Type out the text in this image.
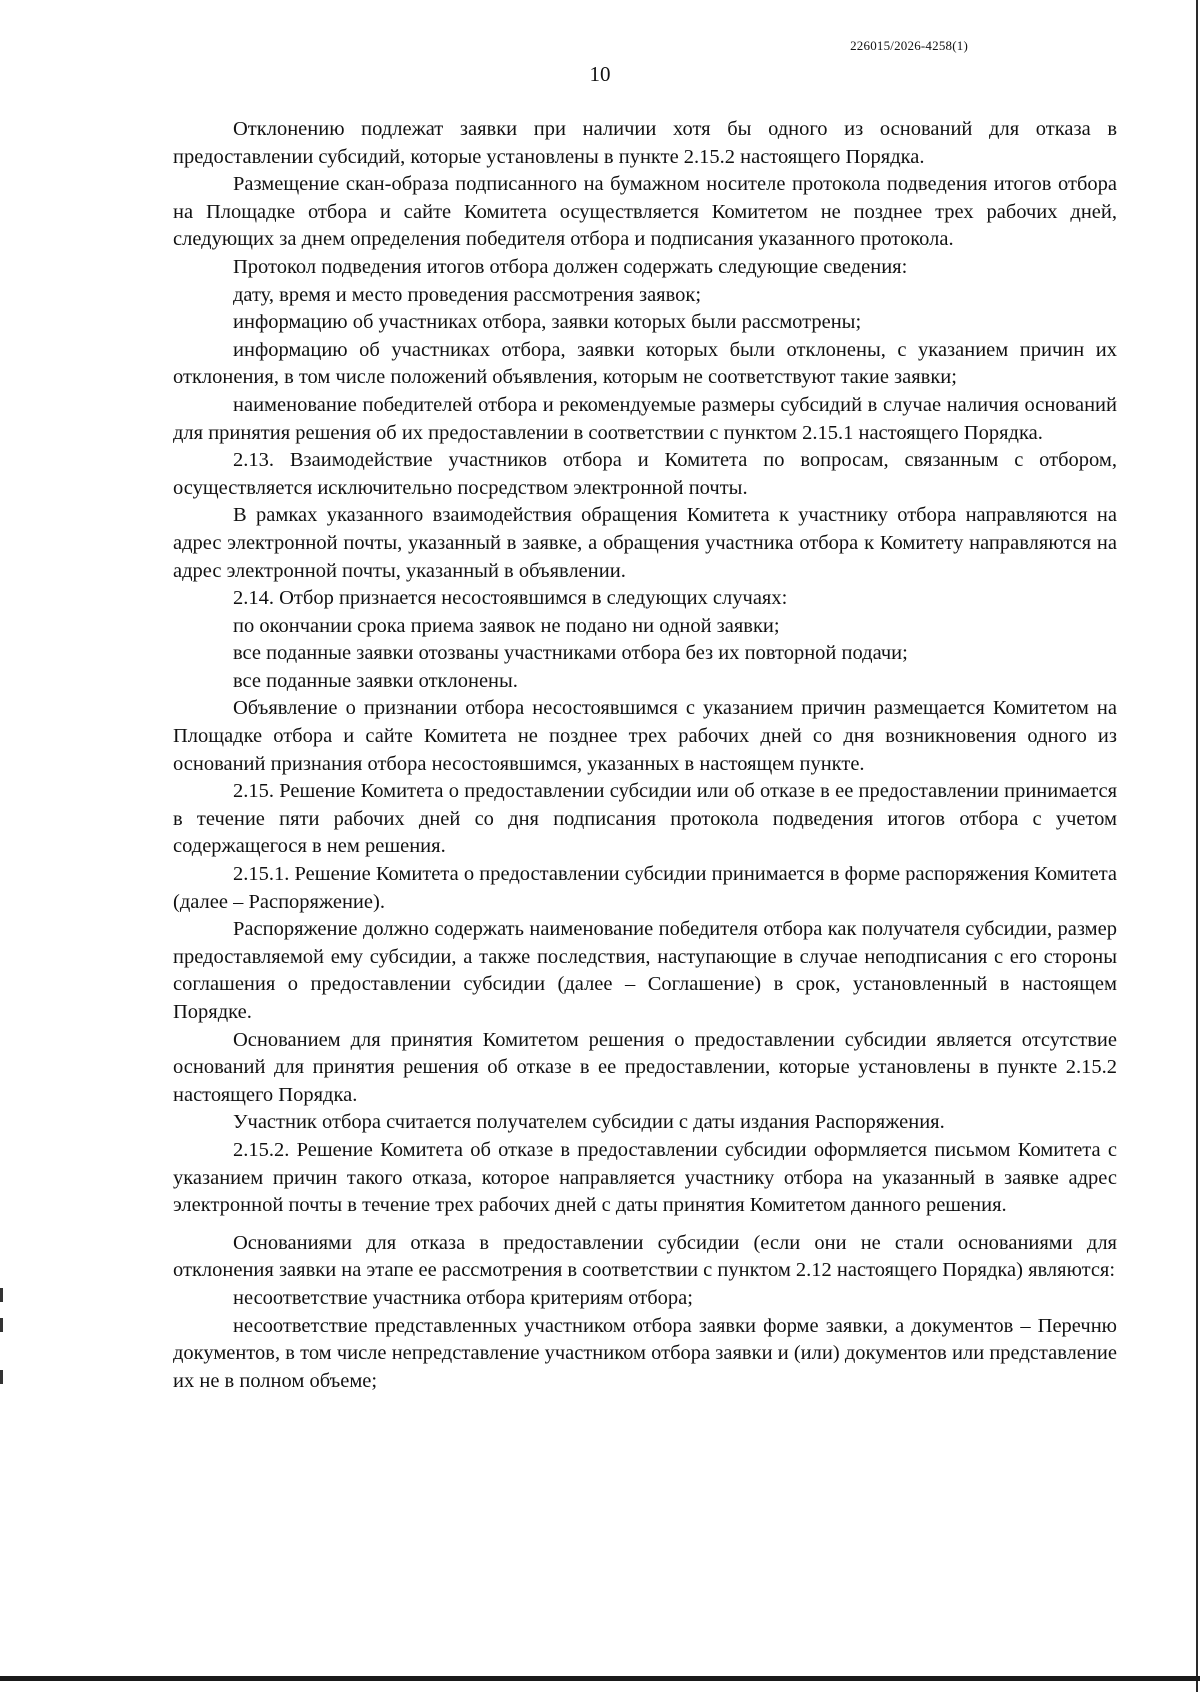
226015/2026-4258(1)
10

Отклонению подлежат заявки при наличии хотя бы одного из оснований для отказа в предоставлении субсидий, которые установлены в пункте 2.15.2 настоящего Порядка.

Размещение скан-образа подписанного на бумажном носителе протокола подведения итогов отбора на Площадке отбора и сайте Комитета осуществляется Комитетом не позднее трех рабочих дней, следующих за днем определения победителя отбора и подписания указанного протокола.

Протокол подведения итогов отбора должен содержать следующие сведения:

дату, время и место проведения рассмотрения заявок;

информацию об участниках отбора, заявки которых были рассмотрены;

информацию об участниках отбора, заявки которых были отклонены, с указанием причин их отклонения, в том числе положений объявления, которым не соответствуют такие заявки;

наименование победителей отбора и рекомендуемые размеры субсидий в случае наличия оснований для принятия решения об их предоставлении в соответствии с пунктом 2.15.1 настоящего Порядка.

2.13. Взаимодействие участников отбора и Комитета по вопросам, связанным с отбором, осуществляется исключительно посредством электронной почты.

В рамках указанного взаимодействия обращения Комитета к участнику отбора направляются на адрес электронной почты, указанный в заявке, а обращения участника отбора к Комитету направляются на адрес электронной почты, указанный в объявлении.

2.14. Отбор признается несостоявшимся в следующих случаях:

по окончании срока приема заявок не подано ни одной заявки;

все поданные заявки отозваны участниками отбора без их повторной подачи;

все поданные заявки отклонены.

Объявление о признании отбора несостоявшимся с указанием причин размещается Комитетом на Площадке отбора и сайте Комитета не позднее трех рабочих дней со дня возникновения одного из оснований признания отбора несостоявшимся, указанных в настоящем пункте.

2.15. Решение Комитета о предоставлении субсидии или об отказе в ее предоставлении принимается в течение пяти рабочих дней со дня подписания протокола подведения итогов отбора с учетом содержащегося в нем решения.

2.15.1. Решение Комитета о предоставлении субсидии принимается в форме распоряжения Комитета (далее – Распоряжение).

Распоряжение должно содержать наименование победителя отбора как получателя субсидии, размер предоставляемой ему субсидии, а также последствия, наступающие в случае неподписания с его стороны соглашения о предоставлении субсидии (далее – Соглашение) в срок, установленный в настоящем Порядке.

Основанием для принятия Комитетом решения о предоставлении субсидии является отсутствие оснований для принятия решения об отказе в ее предоставлении, которые установлены в пункте 2.15.2 настоящего Порядка.

Участник отбора считается получателем субсидии с даты издания Распоряжения.

2.15.2. Решение Комитета об отказе в предоставлении субсидии оформляется письмом Комитета с указанием причин такого отказа, которое направляется участнику отбора на указанный в заявке адрес электронной почты в течение трех рабочих дней с даты принятия Комитетом данного решения.

Основаниями для отказа в предоставлении субсидии (если они не стали основаниями для отклонения заявки на этапе ее рассмотрения в соответствии с пунктом 2.12 настоящего Порядка) являются:

несоответствие участника отбора критериям отбора;

несоответствие представленных участником отбора заявки форме заявки, а документов – Перечню документов, в том числе непредставление участником отбора заявки и (или) документов или представление их не в полном объеме;
